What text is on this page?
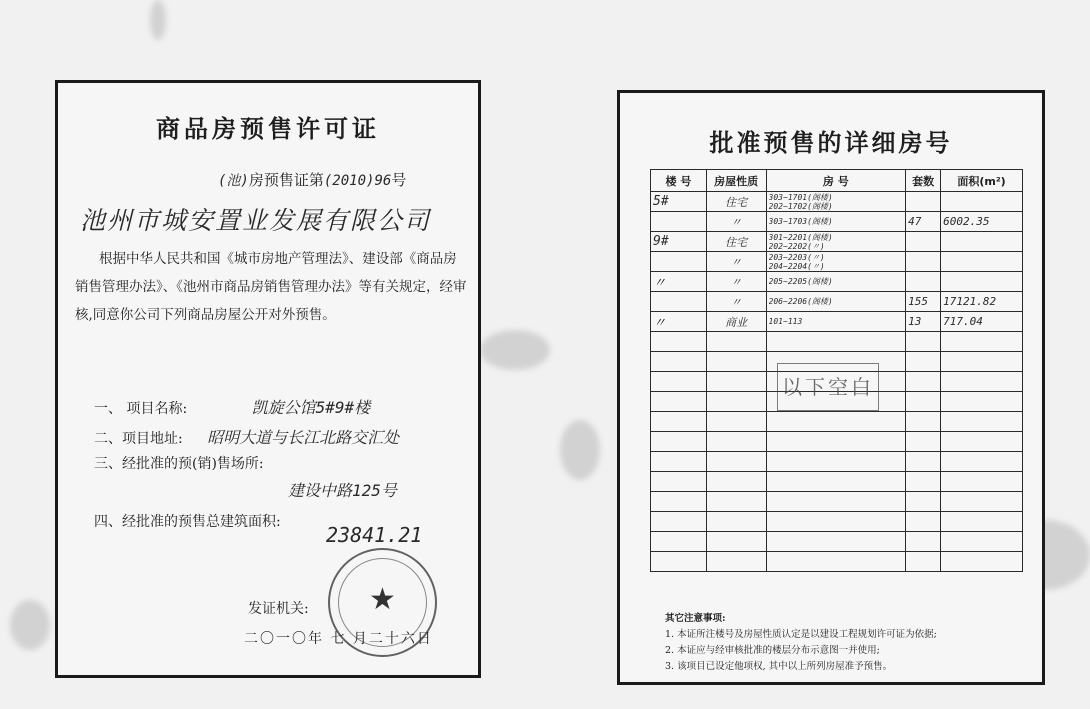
商品房预售许可证
(池)房预售证第(2010)96号
池州市城安置业发展有限公司
根据中华人民共和国《城市房地产管理法》、建设部《商品房销售管理办法》、《池州市商品房销售管理办法》等有关规定，经审核,同意你公司下列商品房屋公开对外预售。
一、 项目名称:	凯旋公馆5#9#楼
二、项目地址: 昭明大道与长江北路交汇处
三、经批准的预(销)售场所:
建设中路125号
四、经批准的预售总建筑面积:
23841.21
★
发证机关:
二〇一〇年 七 月二十六日
批准预售的详细房号
楼 号	房屋性质	房 号	套数	面积(m²)
5#	住宅	303~1701(阁楼)
202~1702(阁楼)		

	〃	303~1703(阁楼)	47	6002.35
9#	住宅	301~2201(阁楼)
202~2202(〃)		

	〃	203~2203(〃)
204~2204(〃)		

〃	〃	205~2205(阁楼)		

	〃	206~2206(阁楼)	155	17121.82
〃	商业	101~113	13	717.04

以下空白
其它注意事项:
1. 本证所注楼号及房屋性质认定是以建设工程规划许可证为依据;
2. 本证应与经审核批准的楼层分布示意图一并使用;
3. 该项目已设定他项权, 其中以上所列房屋准予预售。
